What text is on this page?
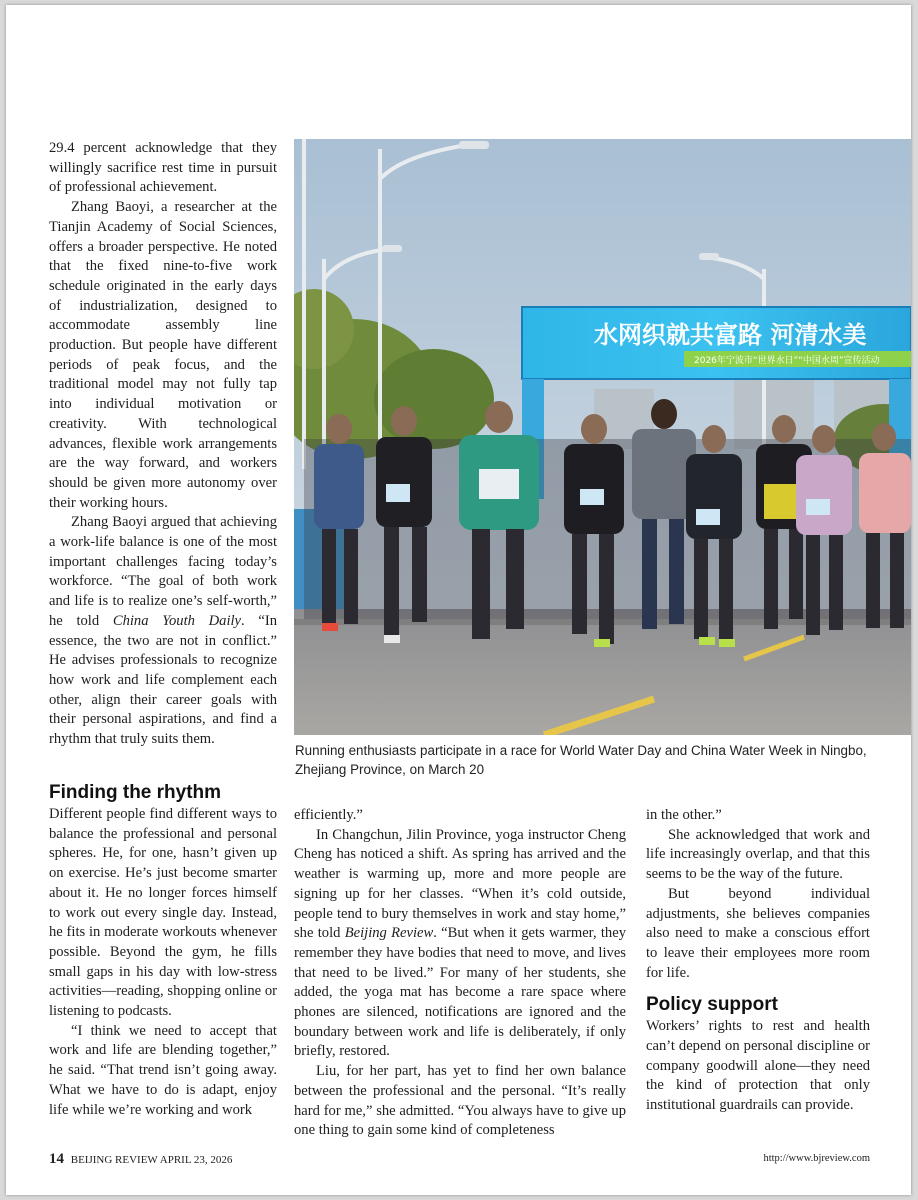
29.4 percent acknowledge that they willingly sacrifice rest time in pursuit of professional achievement.

Zhang Baoyi, a researcher at the Tianjin Academy of Social Sciences, offers a broader perspective. He noted that the fixed nine-to-five work schedule originated in the early days of industrialization, designed to accommodate assembly line production. But people have different periods of peak focus, and the traditional model may not fully tap into individual motivation or creativity. With technological advances, flexible work arrangements are the way forward, and workers should be given more autonomy over their working hours.

Zhang Baoyi argued that achieving a work-life balance is one of the most important challenges facing today’s workforce. “The goal of both work and life is to realize one’s self-worth,” he told China Youth Daily. “In essence, the two are not in conflict.” He advises professionals to recognize how work and life complement each other, align their career goals with their personal aspirations, and find a rhythm that truly suits them.

水网织就共富路 河清水美
2026年宁波市“世界水日”“中国水周”宣传活动
Running enthusiasts participate in a race for World Water Day and China Water Week in Ningbo, Zhejiang Province, on March 20
Finding the rhythm

Different people find different ways to balance the professional and personal spheres. He, for one, hasn’t given up on exercise. He’s just become smarter about it. He no longer forces himself to work out every single day. Instead, he fits in moderate workouts whenever possible. Beyond the gym, he fills small gaps in his day with low-stress activities—reading, shopping online or listening to podcasts.

“I think we need to accept that work and life are blending together,” he said. “That trend isn’t going away. What we have to do is adapt, enjoy life while we’re working and work

efficiently.”

In Changchun, Jilin Province, yoga instructor Cheng Cheng has noticed a shift. As spring has arrived and the weather is warming up, more and more people are signing up for her classes. “When it’s cold outside, people tend to bury themselves in work and stay home,” she told Beijing Review. “But when it gets warmer, they remember they have bodies that need to move, and lives that need to be lived.” For many of her students, she added, the yoga mat has become a rare space where phones are silenced, notifications are ignored and the boundary between work and life is deliberately, if only briefly, restored.

Liu, for her part, has yet to find her own balance between the professional and the personal. “It’s really hard for me,” she admitted. “You always have to give up one thing to gain some kind of completeness

in the other.”

She acknowledged that work and life increasingly overlap, and that this seems to be the way of the future.

But beyond individual adjustments, she believes companies also need to make a conscious effort to leave their employees more room for life.

Policy support

Workers’ rights to rest and health can’t depend on personal discipline or company goodwill alone—they need the kind of protection that only institutional guardrails can provide.

14 BEIJING REVIEW APRIL 23, 2026	http://www.bjreview.com
